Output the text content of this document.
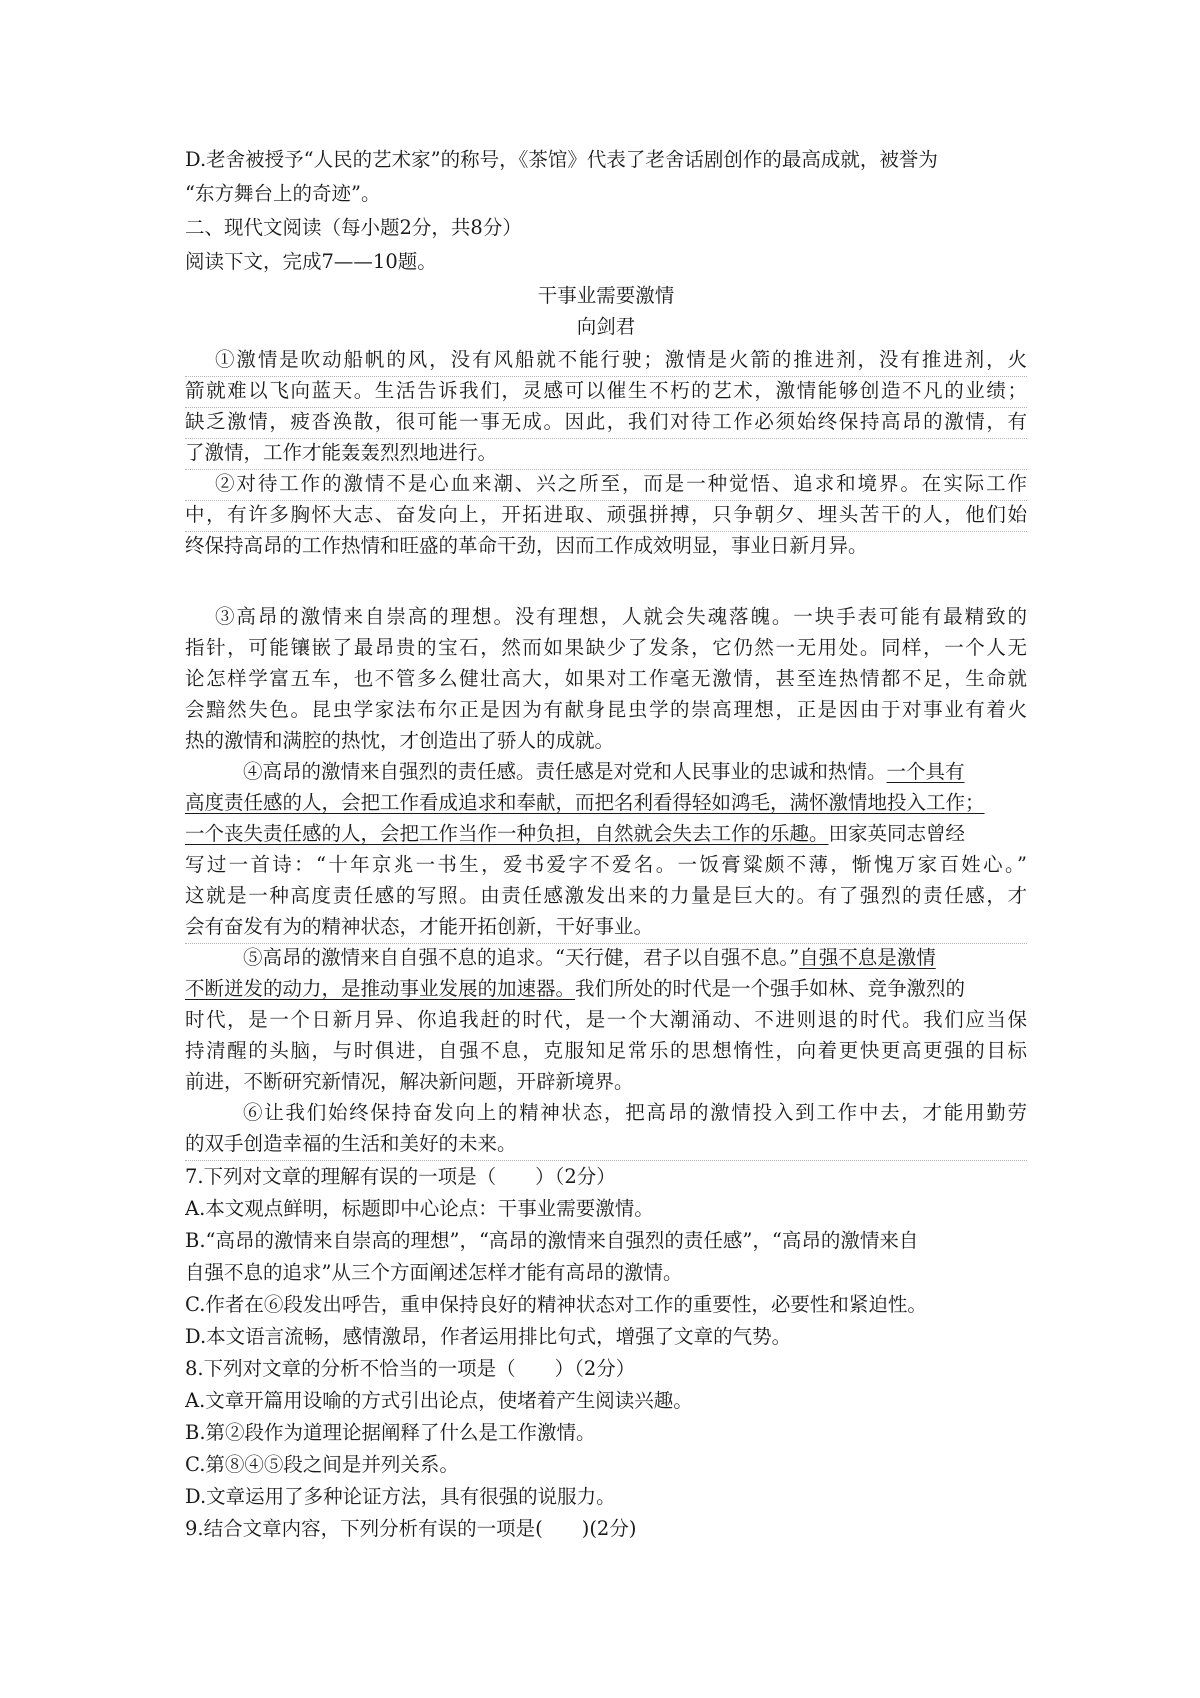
D.老舍被授予“人民的艺术家”的称号，《茶馆》代表了老舍话剧创作的最高成就，被誉为
“东方舞台上的奇迹”。
二、现代文阅读（每小题2分，共8分）
阅读下文，完成7——10题。
干事业需要激情
向剑君
①激情是吹动船帆的风，没有风船就不能行驶；激情是火箭的推进剂，没有推进剂，火
箭就难以飞向蓝天。生活告诉我们，灵感可以催生不朽的艺术，激情能够创造不凡的业绩；
缺乏激情，疲沓涣散，很可能一事无成。因此，我们对待工作必须始终保持高昂的激情，有
了激情，工作才能轰轰烈烈地进行。
②对待工作的激情不是心血来潮、兴之所至，而是一种觉悟、追求和境界。在实际工作
中，有许多胸怀大志、奋发向上，开拓进取、顽强拼搏，只争朝夕、埋头苦干的人，他们始
终保持高昂的工作热情和旺盛的革命干劲，因而工作成效明显，事业日新月异。
③高昂的激情来自崇高的理想。没有理想，人就会失魂落魄。一块手表可能有最精致的
指针，可能镶嵌了最昂贵的宝石，然而如果缺少了发条，它仍然一无用处。同样，一个人无
论怎样学富五车，也不管多么健壮高大，如果对工作毫无激情，甚至连热情都不足，生命就
会黯然失色。昆虫学家法布尔正是因为有献身昆虫学的崇高理想，正是因由于对事业有着火
热的激情和满腔的热忱，才创造出了骄人的成就。
④高昂的激情来自强烈的责任感。责任感是对党和人民事业的忠诚和热情。一个具有
高度责任感的人，会把工作看成追求和奉献，而把名利看得轻如鸿毛，满怀激情地投入工作；
一个丧失责任感的人，会把工作当作一种负担，自然就会失去工作的乐趣。田家英同志曾经
写过一首诗：“十年京兆一书生，爱书爱字不爱名。一饭膏粱颇不薄，惭愧万家百姓心。”
这就是一种高度责任感的写照。由责任感激发出来的力量是巨大的。有了强烈的责任感，才
会有奋发有为的精神状态，才能开拓创新，干好事业。
⑤高昂的激情来自自强不息的追求。“天行健，君子以自强不息。”自强不息是激情
不断迸发的动力，是推动事业发展的加速器。我们所处的时代是一个强手如林、竞争激烈的
时代，是一个日新月异、你追我赶的时代，是一个大潮涌动、不进则退的时代。我们应当保
持清醒的头脑，与时俱进，自强不息，克服知足常乐的思想惰性，向着更快更高更强的目标
前进，不断研究新情况，解决新问题，开辟新境界。
⑥让我们始终保持奋发向上的精神状态，把高昂的激情投入到工作中去，才能用勤劳
的双手创造幸福的生活和美好的未来。
7.下列对文章的理解有误的一项是（　　）（2分）
A.本文观点鲜明，标题即中心论点：干事业需要激情。
B.“高昂的激情来自崇高的理想”，“高昂的激情来自强烈的责任感”，“高昂的激情来自
自强不息的追求”从三个方面阐述怎样才能有高昂的激情。
C.作者在⑥段发出呼告，重申保持良好的精神状态对工作的重要性，必要性和紧迫性。
D.本文语言流畅，感情激昂，作者运用排比句式，增强了文章的气势。
8.下列对文章的分析不恰当的一项是（　　）（2分）
A.文章开篇用设喻的方式引出论点，使堵着产生阅读兴趣。
B.第②段作为道理论据阐释了什么是工作激情。
C.第⑧④⑤段之间是并列关系。
D.文章运用了多种论证方法，具有很强的说服力。
9.结合文章内容，下列分析有误的一项是(　　)(2分)
